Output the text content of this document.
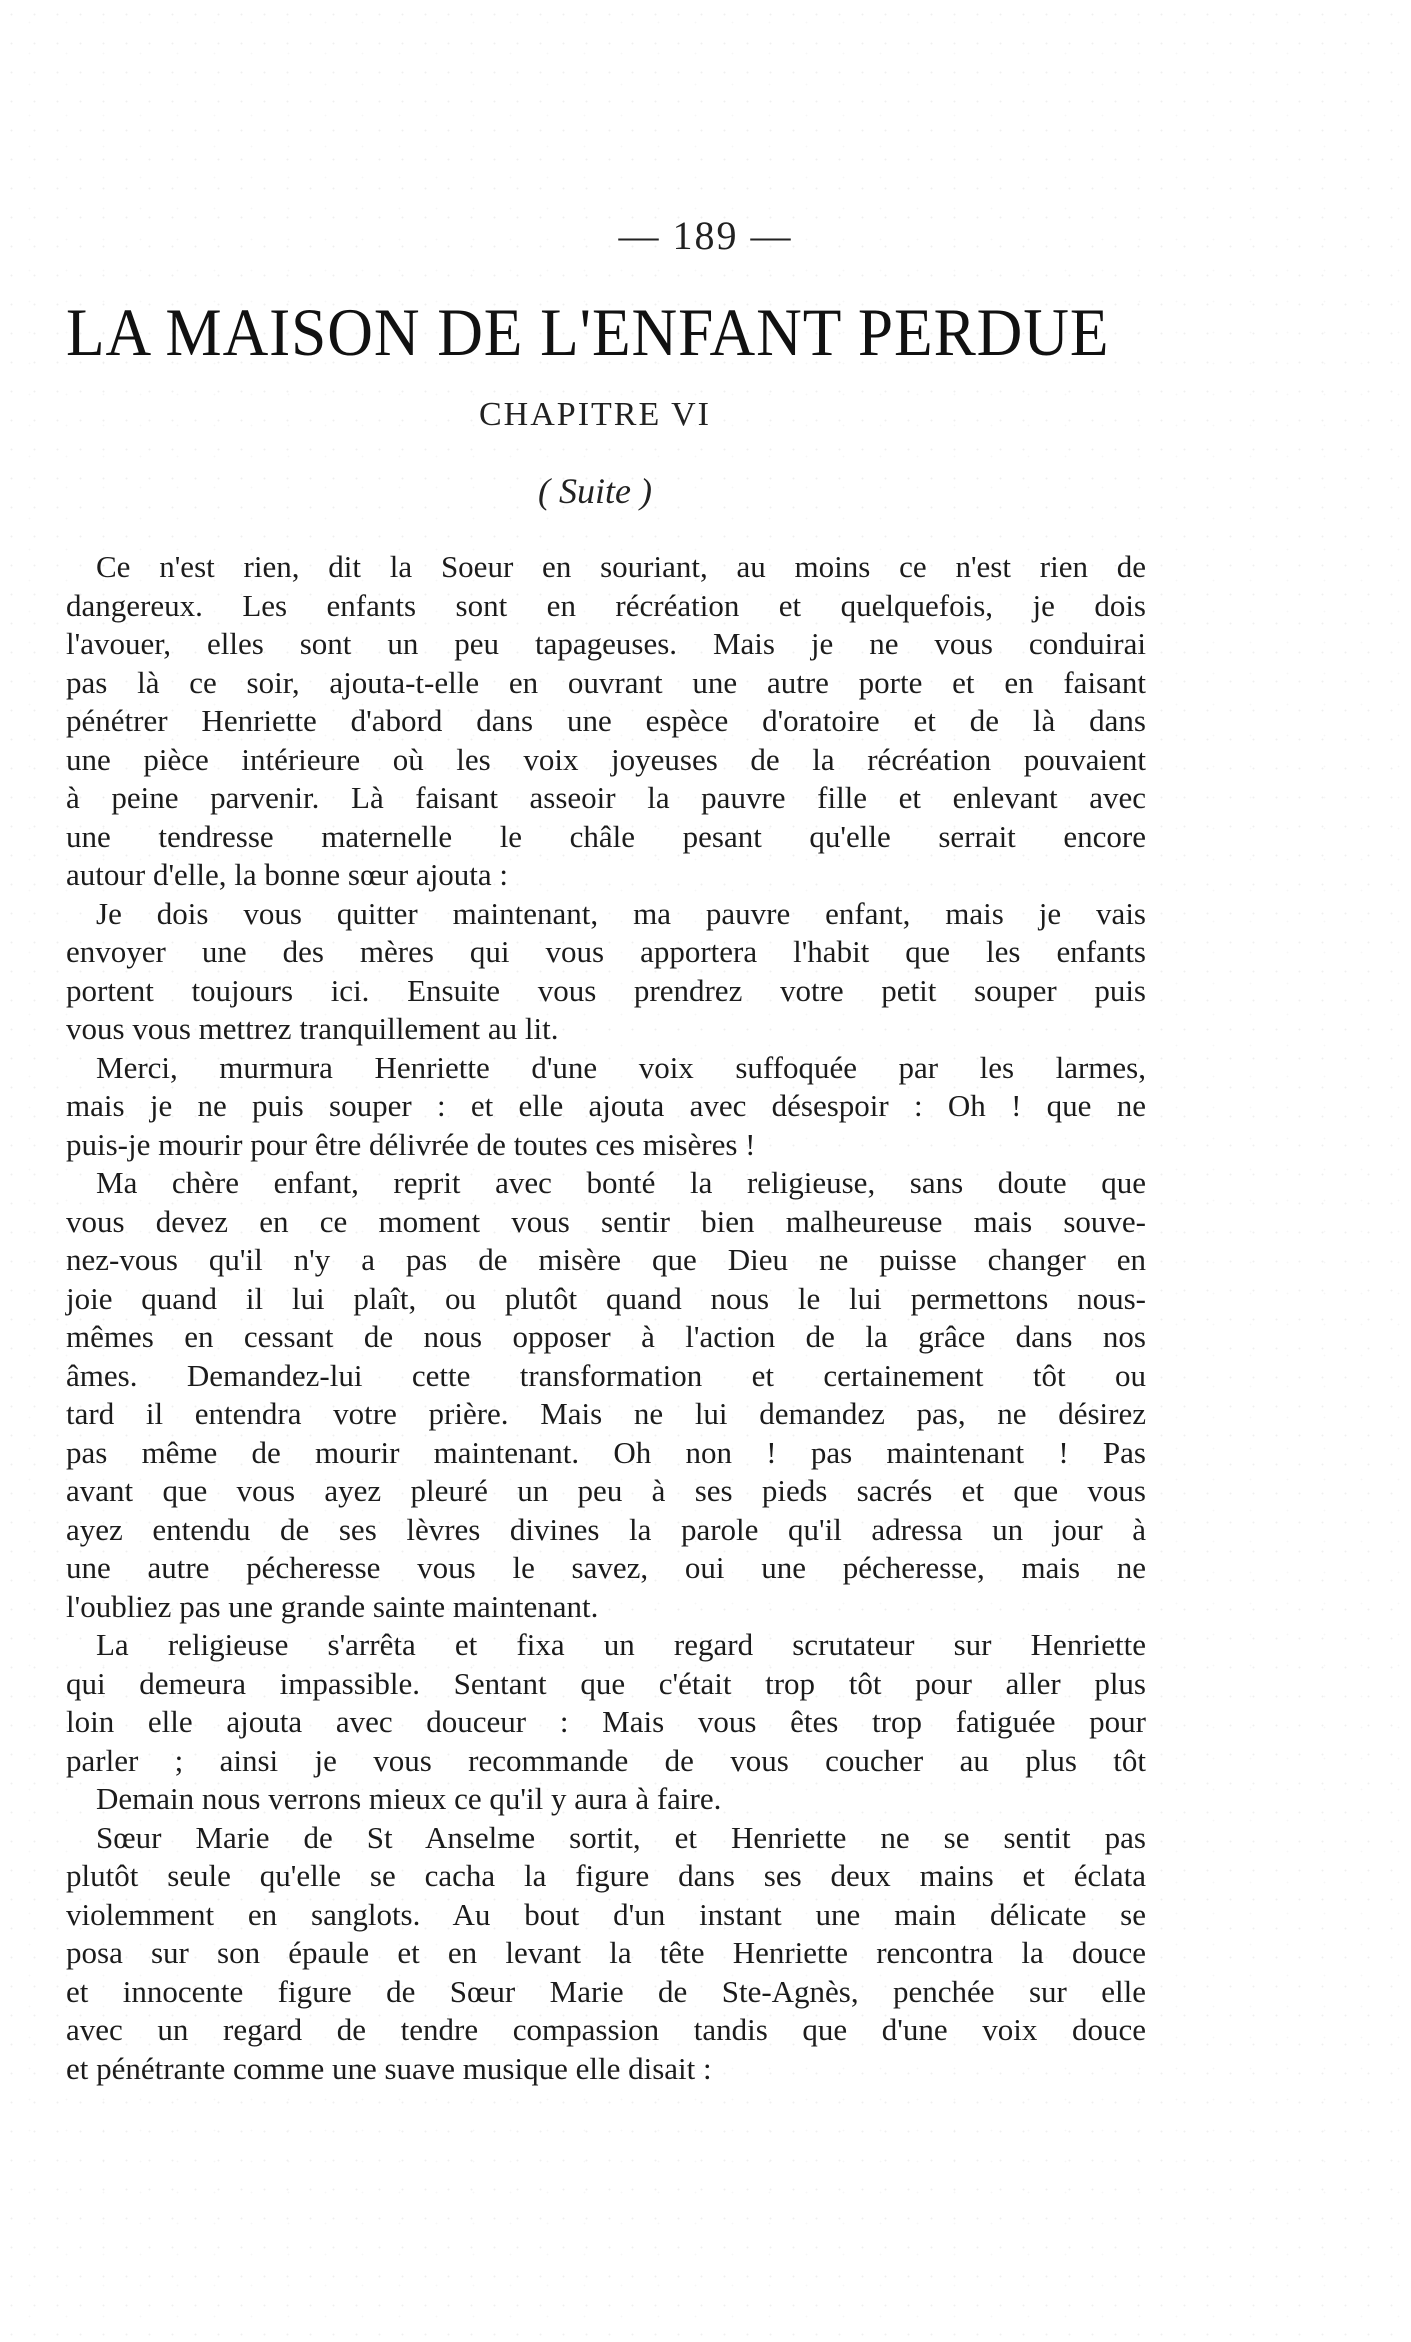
— 189 —
LA MAISON DE L'ENFANT PERDUE
CHAPITRE VI
( Suite )
Ce n'est rien, dit la Soeur en souriant, au moins ce n'est rien de
dangereux. Les enfants sont en récréation et quelquefois, je dois
l'avouer, elles sont un peu tapageuses. Mais je ne vous conduirai
pas là ce soir, ajouta-t-elle en ouvrant une autre porte et en faisant
pénétrer Henriette d'abord dans une espèce d'oratoire et de là dans
une pièce intérieure où les voix joyeuses de la récréation pouvaient
à peine parvenir. Là faisant asseoir la pauvre fille et enlevant avec
une tendresse maternelle le châle pesant qu'elle serrait encore
autour d'elle, la bonne sœur ajouta :
Je dois vous quitter maintenant, ma pauvre enfant, mais je vais
envoyer une des mères qui vous apportera l'habit que les enfants
portent toujours ici. Ensuite vous prendrez votre petit souper puis
vous vous mettrez tranquillement au lit.
Merci, murmura Henriette d'une voix suffoquée par les larmes,
mais je ne puis souper : et elle ajouta avec désespoir : Oh ! que ne
puis-je mourir pour être délivrée de toutes ces misères !
Ma chère enfant, reprit avec bonté la religieuse, sans doute que
vous devez en ce moment vous sentir bien malheureuse mais souve-
nez-vous qu'il n'y a pas de misère que Dieu ne puisse changer en
joie quand il lui plaît, ou plutôt quand nous le lui permettons nous-
mêmes en cessant de nous opposer à l'action de la grâce dans nos
âmes. Demandez-lui cette transformation et certainement tôt ou
tard il entendra votre prière. Mais ne lui demandez pas, ne désirez
pas même de mourir maintenant. Oh non ! pas maintenant ! Pas
avant que vous ayez pleuré un peu à ses pieds sacrés et que vous
ayez entendu de ses lèvres divines la parole qu'il adressa un jour à
une autre pécheresse vous le savez, oui une pécheresse, mais ne
l'oubliez pas une grande sainte maintenant.
La religieuse s'arrêta et fixa un regard scrutateur sur Henriette
qui demeura impassible. Sentant que c'était trop tôt pour aller plus
loin elle ajouta avec douceur : Mais vous êtes trop fatiguée pour
parler ; ainsi je vous recommande de vous coucher au plus tôt
Demain nous verrons mieux ce qu'il y aura à faire.
Sœur Marie de St Anselme sortit, et Henriette ne se sentit pas
plutôt seule qu'elle se cacha la figure dans ses deux mains et éclata
violemment en sanglots. Au bout d'un instant une main délicate se
posa sur son épaule et en levant la tête Henriette rencontra la douce
et innocente figure de Sœur Marie de Ste-Agnès, penchée sur elle
avec un regard de tendre compassion tandis que d'une voix douce
et pénétrante comme une suave musique elle disait :
